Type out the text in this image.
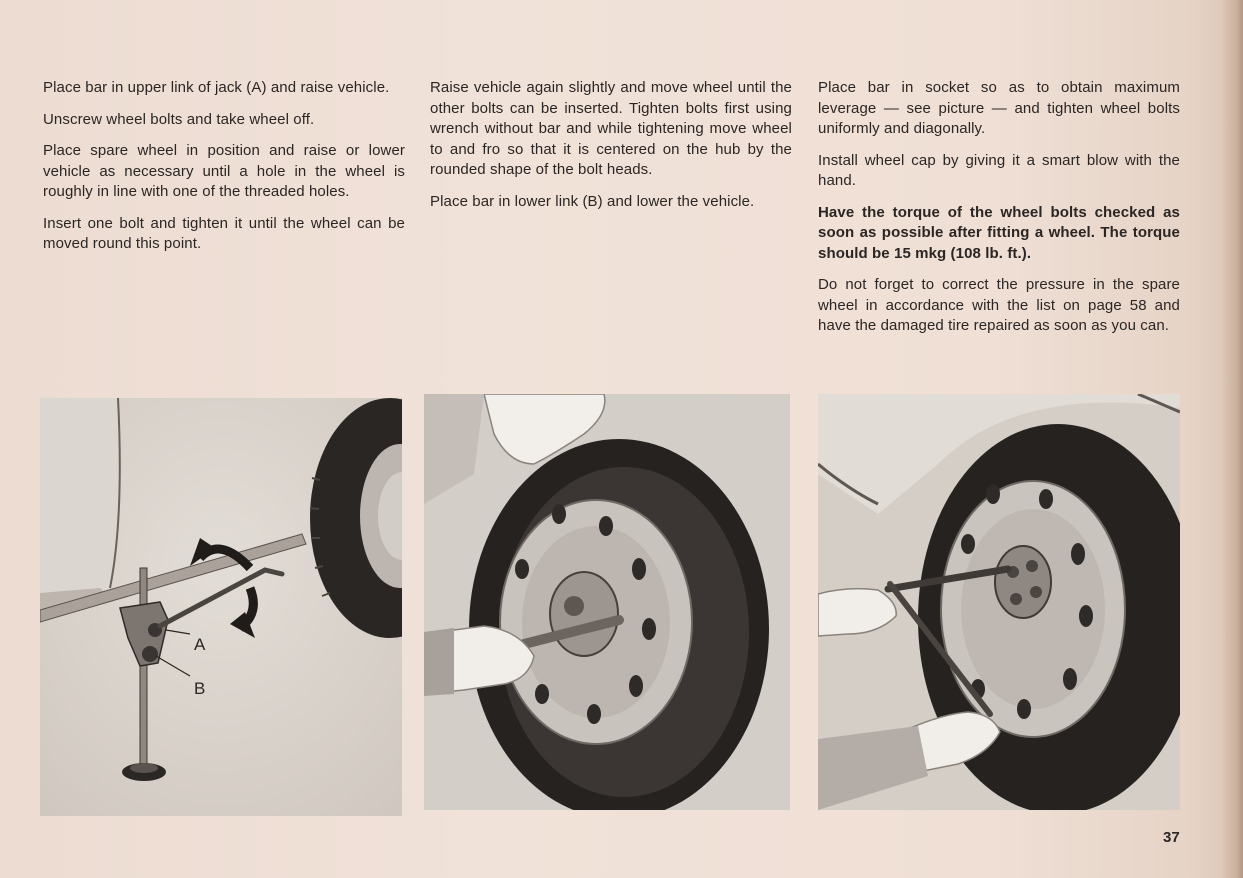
Place bar in upper link of jack (A) and raise vehicle.

Unscrew wheel bolts and take wheel off.

Place spare wheel in position and raise or lower vehicle as necessary until a hole in the wheel is roughly in line with one of the threaded holes.

Insert one bolt and tighten it until the wheel can be moved round this point.

Raise vehicle again slightly and move wheel until the other bolts can be inserted. Tighten bolts first using wrench without bar and while tightening move wheel to and fro so that it is centered on the hub by the rounded shape of the bolt heads.

Place bar in lower link (B) and lower the vehicle.

Place bar in socket so as to obtain maximum leverage — see picture — and tighten wheel bolts uniformly and diagonally.

Install wheel cap by giving it a smart blow with the hand.

Have the torque of the wheel bolts checked as soon as possible after fitting a wheel. The torque should be 15 mkg (108 lb. ft.).

Do not forget to correct the pressure in the spare wheel in accordance with the list on page 58 and have the damaged tire repaired as soon as you can.

A
B
37
